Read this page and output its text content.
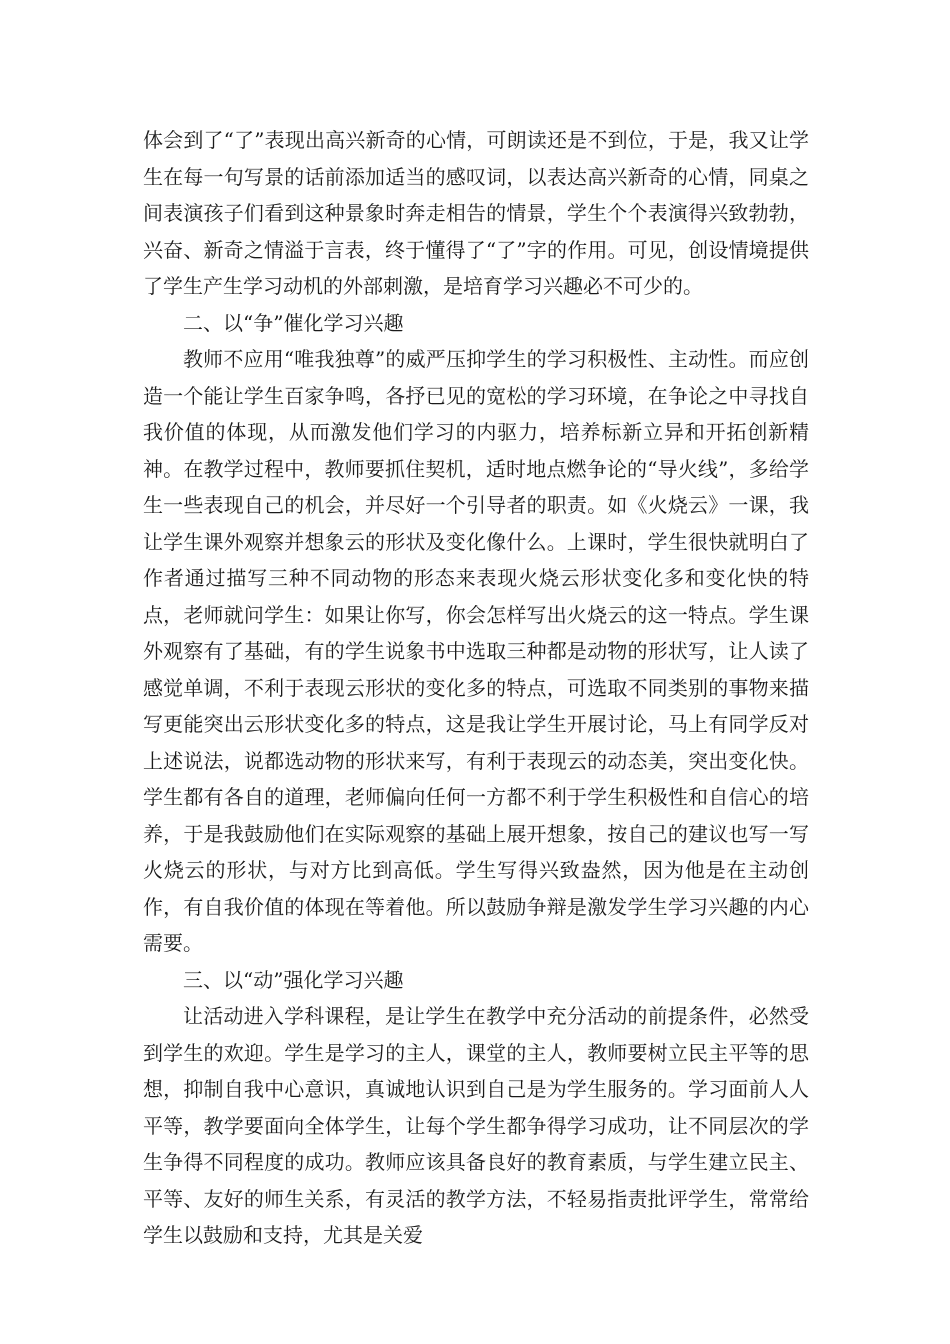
体会到了“了”表现出高兴新奇的心情，可朗读还是不到位，于是，我又让学生在每一句写景的话前添加适当的感叹词，以表达高兴新奇的心情，同桌之间表演孩子们看到这种景象时奔走相告的情景，学生个个表演得兴致勃勃，兴奋、新奇之情溢于言表，终于懂得了“了”字的作用。可见，创设情境提供了学生产生学习动机的外部刺激，是培育学习兴趣必不可少的。

二、以“争”催化学习兴趣

教师不应用“唯我独尊”的威严压抑学生的学习积极性、主动性。而应创造一个能让学生百家争鸣，各抒已见的宽松的学习环境，在争论之中寻找自我价值的体现，从而激发他们学习的内驱力，培养标新立异和开拓创新精神。在教学过程中，教师要抓住契机，适时地点燃争论的“导火线”，多给学生一些表现自己的机会，并尽好一个引导者的职责。如《火烧云》一课，我让学生课外观察并想象云的形状及变化像什么。上课时，学生很快就明白了作者通过描写三种不同动物的形态来表现火烧云形状变化多和变化快的特点，老师就问学生：如果让你写，你会怎样写出火烧云的这一特点。学生课外观察有了基础，有的学生说象书中选取三种都是动物的形状写，让人读了感觉单调，不利于表现云形状的变化多的特点，可选取不同类别的事物来描写更能突出云形状变化多的特点，这是我让学生开展讨论，马上有同学反对上述说法，说都选动物的形状来写，有利于表现云的动态美，突出变化快。学生都有各自的道理，老师偏向任何一方都不利于学生积极性和自信心的培养，于是我鼓励他们在实际观察的基础上展开想象，按自己的建议也写一写火烧云的形状，与对方比到高低。学生写得兴致盎然，因为他是在主动创作，有自我价值的体现在等着他。所以鼓励争辩是激发学生学习兴趣的内心需要。

三、以“动”强化学习兴趣

让活动进入学科课程，是让学生在教学中充分活动的前提条件，必然受到学生的欢迎。学生是学习的主人，课堂的主人，教师要树立民主平等的思想，抑制自我中心意识，真诚地认识到自己是为学生服务的。学习面前人人平等，教学要面向全体学生，让每个学生都争得学习成功，让不同层次的学生争得不同程度的成功。教师应该具备良好的教育素质，与学生建立民主、平等、友好的师生关系，有灵活的教学方法，不轻易指责批评学生，常常给学生以鼓励和支持，尤其是关爱
